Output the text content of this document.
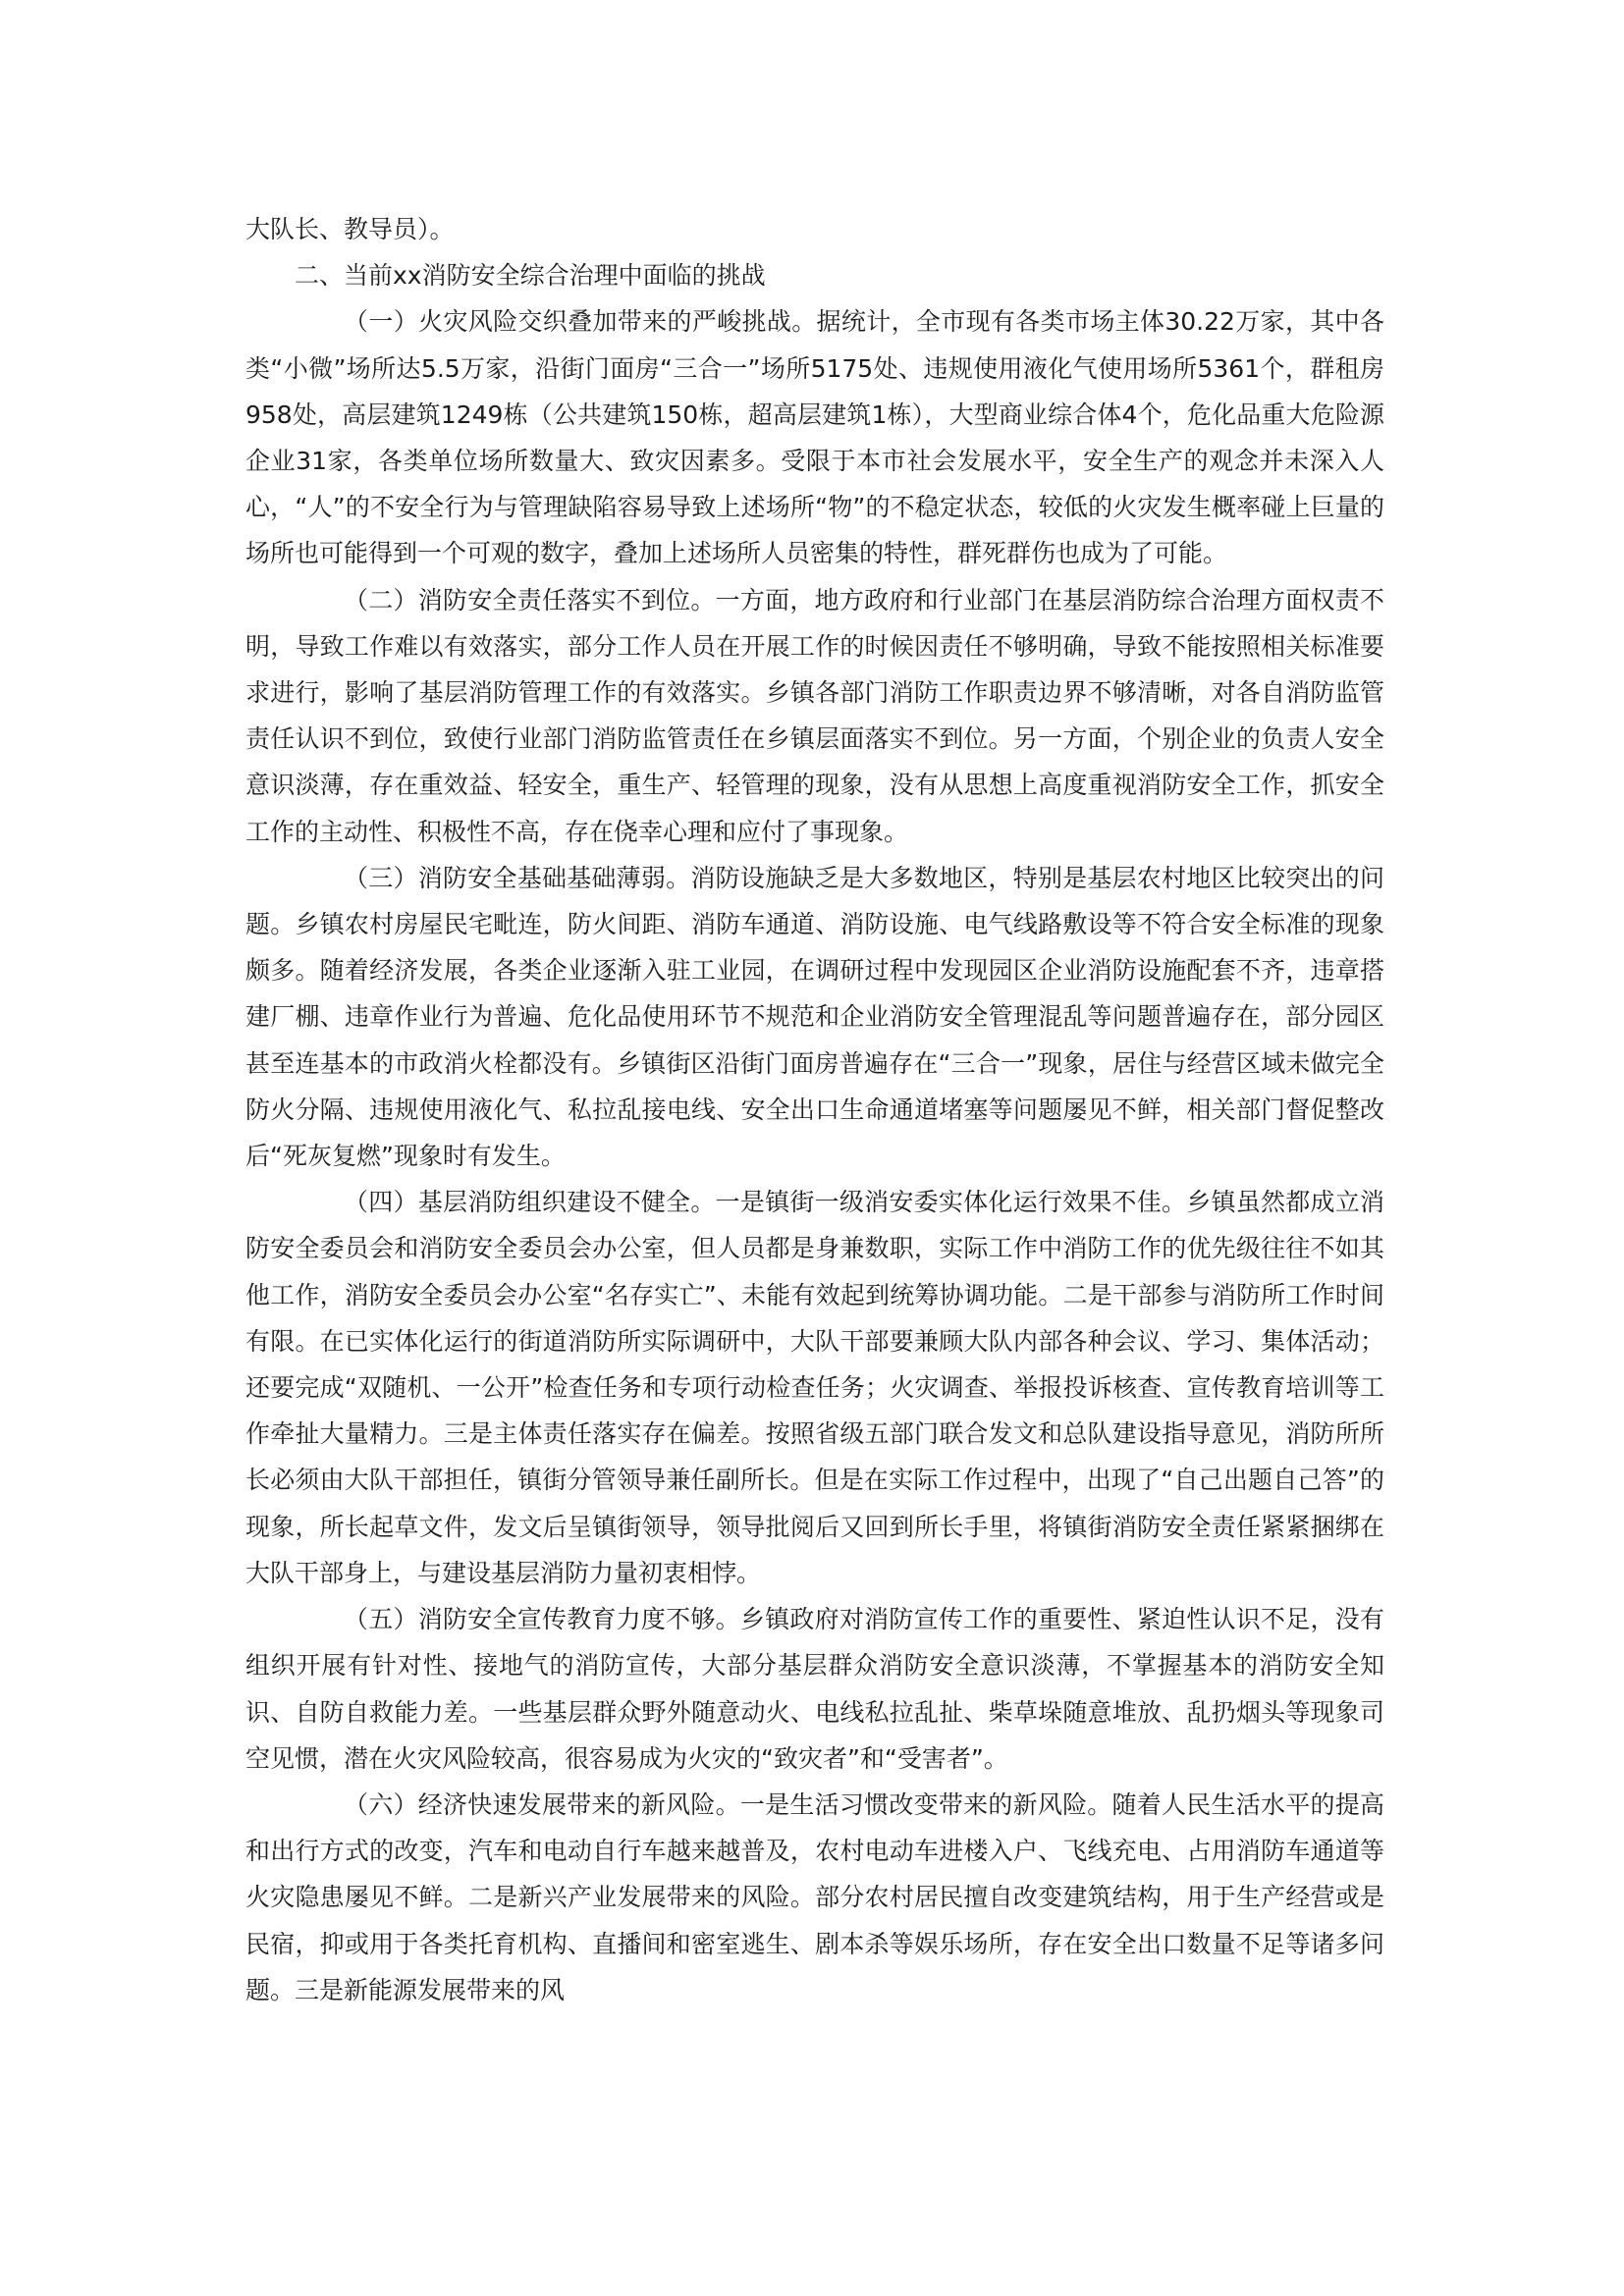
大队长、教导员）。

二、当前xx消防安全综合治理中面临的挑战

（一）火灾风险交织叠加带来的严峻挑战。据统计，全市现有各类市场主体30.22万家，其中各类“小微”场所达5.5万家，沿街门面房“三合一”场所5175处、违规使用液化气使用场所5361个，群租房958处，高层建筑1249栋（公共建筑150栋，超高层建筑1栋），大型商业综合体4个，危化品重大危险源企业31家，各类单位场所数量大、致灾因素多。受限于本市社会发展水平，安全生产的观念并未深入人心，“人”的不安全行为与管理缺陷容易导致上述场所“物”的不稳定状态，较低的火灾发生概率碰上巨量的场所也可能得到一个可观的数字，叠加上述场所人员密集的特性，群死群伤也成为了可能。

（二）消防安全责任落实不到位。一方面，地方政府和行业部门在基层消防综合治理方面权责不明，导致工作难以有效落实，部分工作人员在开展工作的时候因责任不够明确，导致不能按照相关标准要求进行，影响了基层消防管理工作的有效落实。乡镇各部门消防工作职责边界不够清晰，对各自消防监管责任认识不到位，致使行业部门消防监管责任在乡镇层面落实不到位。另一方面，个别企业的负责人安全意识淡薄，存在重效益、轻安全，重生产、轻管理的现象，没有从思想上高度重视消防安全工作，抓安全工作的主动性、积极性不高，存在侥幸心理和应付了事现象。

（三）消防安全基础基础薄弱。消防设施缺乏是大多数地区，特别是基层农村地区比较突出的问题。乡镇农村房屋民宅毗连，防火间距、消防车通道、消防设施、电气线路敷设等不符合安全标准的现象颇多。随着经济发展，各类企业逐渐入驻工业园，在调研过程中发现园区企业消防设施配套不齐，违章搭建厂棚、违章作业行为普遍、危化品使用环节不规范和企业消防安全管理混乱等问题普遍存在，部分园区甚至连基本的市政消火栓都没有。乡镇街区沿街门面房普遍存在“三合一”现象，居住与经营区域未做完全防火分隔、违规使用液化气、私拉乱接电线、安全出口生命通道堵塞等问题屡见不鲜，相关部门督促整改后“死灰复燃”现象时有发生。

（四）基层消防组织建设不健全。一是镇街一级消安委实体化运行效果不佳。乡镇虽然都成立消防安全委员会和消防安全委员会办公室，但人员都是身兼数职，实际工作中消防工作的优先级往往不如其他工作，消防安全委员会办公室“名存实亡”、未能有效起到统筹协调功能。二是干部参与消防所工作时间有限。在已实体化运行的街道消防所实际调研中，大队干部要兼顾大队内部各种会议、学习、集体活动；还要完成“双随机、一公开”检查任务和专项行动检查任务；火灾调查、举报投诉核查、宣传教育培训等工作牵扯大量精力。三是主体责任落实存在偏差。按照省级五部门联合发文和总队建设指导意见，消防所所长必须由大队干部担任，镇街分管领导兼任副所长。但是在实际工作过程中，出现了“自己出题自己答”的现象，所长起草文件，发文后呈镇街领导，领导批阅后又回到所长手里，将镇街消防安全责任紧紧捆绑在大队干部身上，与建设基层消防力量初衷相悖。

（五）消防安全宣传教育力度不够。乡镇政府对消防宣传工作的重要性、紧迫性认识不足，没有组织开展有针对性、接地气的消防宣传，大部分基层群众消防安全意识淡薄，不掌握基本的消防安全知识、自防自救能力差。一些基层群众野外随意动火、电线私拉乱扯、柴草垛随意堆放、乱扔烟头等现象司空见惯，潜在火灾风险较高，很容易成为火灾的“致灾者”和“受害者”。

（六）经济快速发展带来的新风险。一是生活习惯改变带来的新风险。随着人民生活水平的提高和出行方式的改变，汽车和电动自行车越来越普及，农村电动车进楼入户、飞线充电、占用消防车通道等火灾隐患屡见不鲜。二是新兴产业发展带来的风险。部分农村居民擅自改变建筑结构，用于生产经营或是民宿，抑或用于各类托育机构、直播间和密室逃生、剧本杀等娱乐场所，存在安全出口数量不足等诸多问题。三是新能源发展带来的风
